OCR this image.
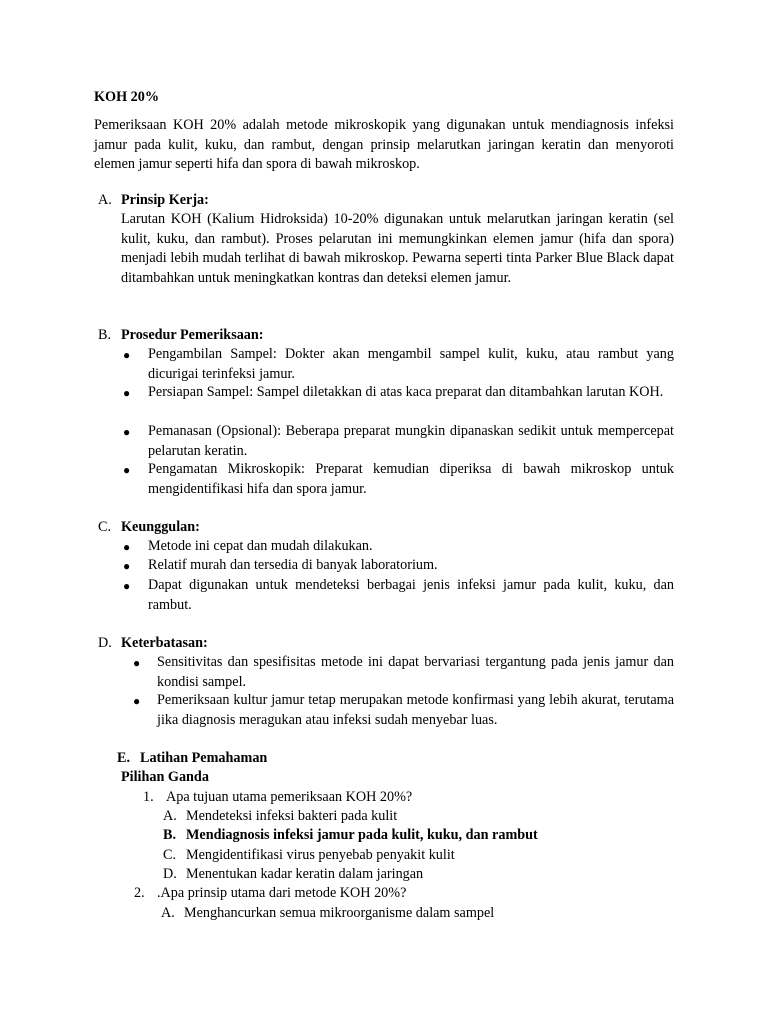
KOH 20%
Pemeriksaan KOH 20% adalah metode mikroskopik yang digunakan untuk mendiagnosis infeksi jamur pada kulit, kuku, dan rambut, dengan prinsip melarutkan jaringan keratin dan menyoroti elemen jamur seperti hifa dan spora di bawah mikroskop.
A. Prinsip Kerja:
Larutan KOH (Kalium Hidroksida) 10-20% digunakan untuk melarutkan jaringan keratin (sel kulit, kuku, dan rambut). Proses pelarutan ini memungkinkan elemen jamur (hifa dan spora) menjadi lebih mudah terlihat di bawah mikroskop. Pewarna seperti tinta Parker Blue Black dapat ditambahkan untuk meningkatkan kontras dan deteksi elemen jamur.
B. Prosedur Pemeriksaan:
● Pengambilan Sampel: Dokter akan mengambil sampel kulit, kuku, atau rambut yang dicurigai terinfeksi jamur.
● Persiapan Sampel: Sampel diletakkan di atas kaca preparat dan ditambahkan larutan KOH.
● Pemanasan (Opsional): Beberapa preparat mungkin dipanaskan sedikit untuk mempercepat pelarutan keratin.
● Pengamatan Mikroskopik: Preparat kemudian diperiksa di bawah mikroskop untuk mengidentifikasi hifa dan spora jamur.
C. Keunggulan:
● Metode ini cepat dan mudah dilakukan.
● Relatif murah dan tersedia di banyak laboratorium.
● Dapat digunakan untuk mendeteksi berbagai jenis infeksi jamur pada kulit, kuku, dan rambut.
D. Keterbatasan:
● Sensitivitas dan spesifisitas metode ini dapat bervariasi tergantung pada jenis jamur dan kondisi sampel.
● Pemeriksaan kultur jamur tetap merupakan metode konfirmasi yang lebih akurat, terutama jika diagnosis meragukan atau infeksi sudah menyebar luas.
E. Latihan Pemahaman
Pilihan Ganda
1. Apa tujuan utama pemeriksaan KOH 20%?
A. Mendeteksi infeksi bakteri pada kulit
B. Mendiagnosis infeksi jamur pada kulit, kuku, dan rambut
C. Mengidentifikasi virus penyebab penyakit kulit
D. Menentukan kadar keratin dalam jaringan
2. .Apa prinsip utama dari metode KOH 20%?
A. Menghancurkan semua mikroorganisme dalam sampel
